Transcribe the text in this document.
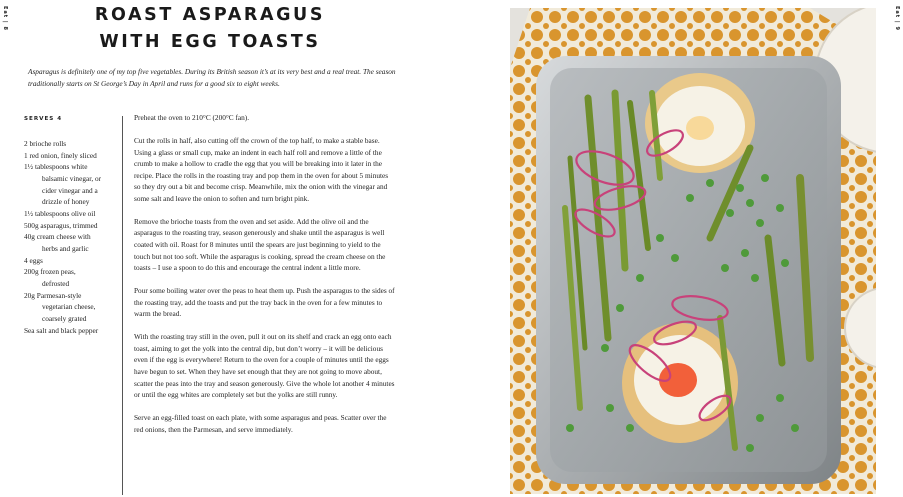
Eat | 8	ROAST ASPARAGUS
WITH EGG TOASTS
Asparagus is definitely one of my top five vegetables. During its British season it’s at its very best and a real treat. The season traditionally starts on St George’s Day in April and runs for a good six to eight weeks.
SERVES 4
2 brioche rolls
1 red onion, finely sliced
1½ tablespoons white
balsamic vinegar, or
cider vinegar and a
drizzle of honey
1½ tablespoons olive oil
500g asparagus, trimmed
40g cream cheese with
herbs and garlic
4 eggs
200g frozen peas,
defrosted
20g Parmesan-style
vegetarian cheese,
coarsely grated
Sea salt and black pepper

Preheat the oven to 210°C (200°C fan).

Cut the rolls in half, also cutting off the crown of the top half, to make a stable base. Using a glass or small cup, make an indent in each half roll and remove a little of the crumb to make a hollow to cradle the egg that you will be breaking into it later in the recipe. Place the rolls in the roasting tray and pop them in the oven for about 5 minutes so they dry out a bit and become crisp. Meanwhile, mix the onion with the vinegar and some salt and leave the onion to soften and turn bright pink.

Remove the brioche toasts from the oven and set aside. Add the olive oil and the asparagus to the roasting tray, season generously and shake until the asparagus is well coated with oil. Roast for 8 minutes until the spears are just beginning to yield to the touch but not too soft. While the asparagus is cooking, spread the cream cheese on the toasts – I use a spoon to do this and encourage the central indent a little more.

Pour some boiling water over the peas to heat them up. Push the asparagus to the sides of the roasting tray, add the toasts and put the tray back in the oven for a few minutes to warm the bread.

With the roasting tray still in the oven, pull it out on its shelf and crack an egg onto each toast, aiming to get the yolk into the central dip, but don’t worry – it will be delicious even if the egg is everywhere! Return to the oven for a couple of minutes until the eggs have begun to set. When they have set enough that they are not going to move about, scatter the peas into the tray and season generously. Give the whole lot another 4 minutes or until the egg whites are completely set but the yolks are still runny.

Serve an egg-filled toast on each plate, with some asparagus and peas. Scatter over the red onions, then the Parmesan, and serve immediately.

Eat | 9
